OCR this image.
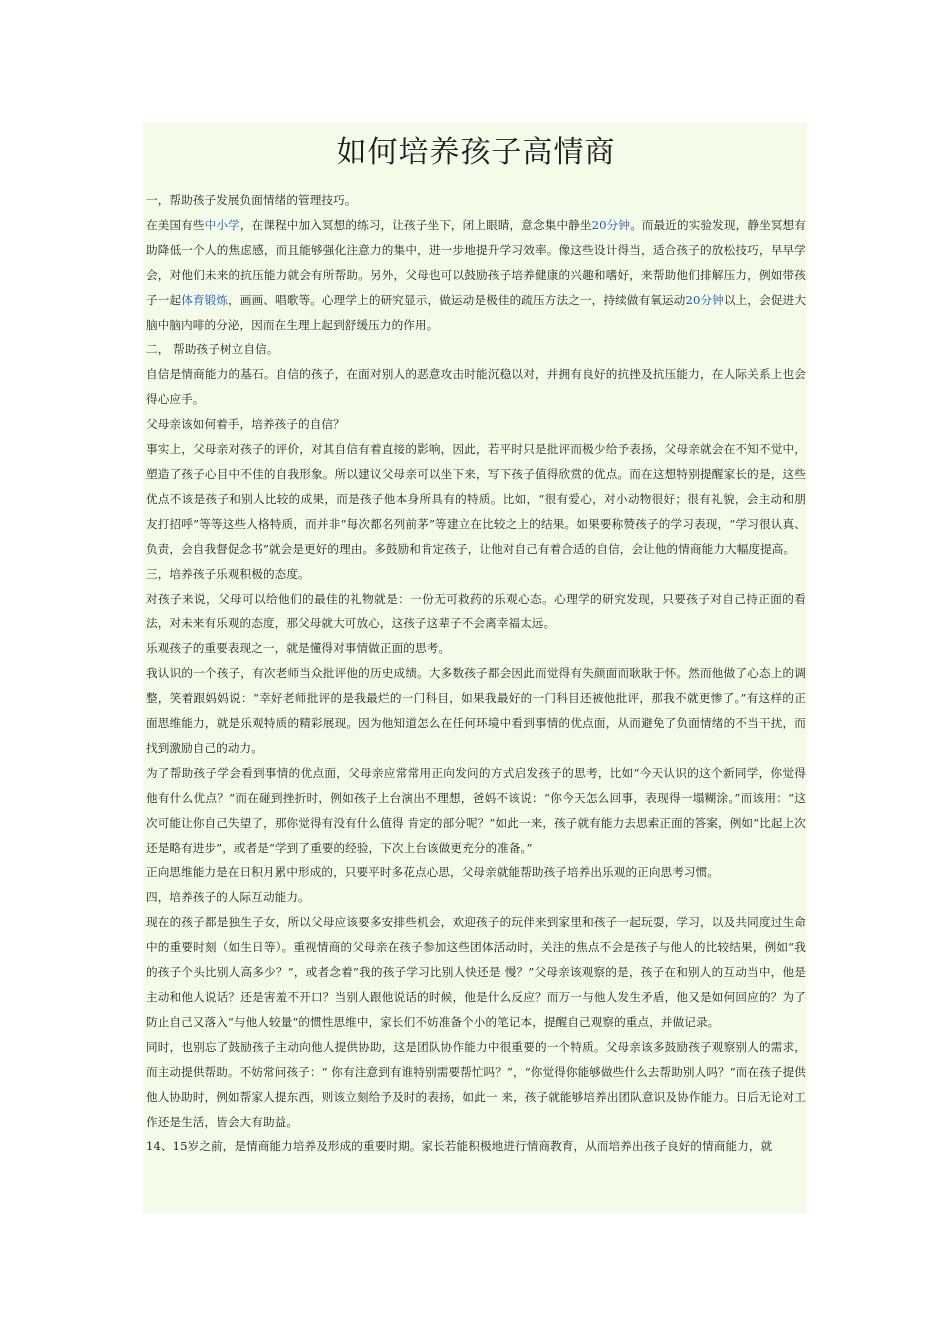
如何培养孩子高情商

一，帮助孩子发展负面情绪的管理技巧。

在美国有些中小学，在课程中加入冥想的练习，让孩子坐下，闭上眼睛，意念集中静坐20分钟。而最近的实验发现，静坐冥想有助降低一个人的焦虑感，而且能够强化注意力的集中，进一步地提升学习效率。像这些设计得当，适合孩子的放松技巧，早早学会，对他们未来的抗压能力就会有所帮助。另外，父母也可以鼓励孩子培养健康的兴趣和嗜好，来帮助他们排解压力，例如带孩子一起体育锻炼，画画、唱歌等。心理学上的研究显示，做运动是极佳的疏压方法之一，持续做有氧运动20分钟以上，会促进大脑中脑内啡的分泌，因而在生理上起到舒缓压力的作用。

二， 帮助孩子树立自信。

自信是情商能力的基石。自信的孩子，在面对别人的恶意攻击时能沉稳以对，并拥有良好的抗挫及抗压能力，在人际关系上也会得心应手。

父母亲该如何着手，培养孩子的自信？

事实上，父母亲对孩子的评价，对其自信有着直接的影响，因此，若平时只是批评而极少给予表扬，父母亲就会在不知不觉中，塑造了孩子心目中不佳的自我形象。所以建议父母亲可以坐下来，写下孩子值得欣赏的优点。而在这想特别提醒家长的是，这些优点不该是孩子和别人比较的成果，而是孩子他本身所具有的特质。比如，“很有爱心，对小动物很好；很有礼貌，会主动和朋友打招呼”等等这些人格特质，而并非“每次都名列前茅”等建立在比较之上的结果。如果要称赞孩子的学习表现，“学习很认真、负责，会自我督促念书”就会是更好的理由。多鼓励和肯定孩子，让他对自己有着合适的自信，会让他的情商能力大幅度提高。

三，培养孩子乐观积极的态度。

对孩子来说，父母可以给他们的最佳的礼物就是：一份无可救药的乐观心态。心理学的研究发现，只要孩子对自己持正面的看法，对未来有乐观的态度，那父母就大可放心，这孩子这辈子不会离幸福太远。

乐观孩子的重要表现之一，就是懂得对事情做正面的思考。

我认识的一个孩子，有次老师当众批评他的历史成绩。大多数孩子都会因此而觉得有失颜面而耿耿于怀。然而他做了心态上的调整，笑着跟妈妈说：“幸好老师批评的是我最烂的一门科目，如果我最好的一门科目还被他批评，那我不就更惨了。”有这样的正面思维能力，就是乐观特质的精彩展现。因为他知道怎么在任何环境中看到事情的优点面，从而避免了负面情绪的不当干扰，而找到激励自己的动力。

为了帮助孩子学会看到事情的优点面，父母亲应常常用正向发问的方式启发孩子的思考，比如“今天认识的这个新同学，你觉得他有什么优点？”而在碰到挫折时，例如孩子上台演出不理想，爸妈不该说：“你今天怎么回事，表现得一塌糊涂。”而该用：“这次可能让你自己失望了，那你觉得有没有什么值得 肯定的部分呢？”如此一来，孩子就有能力去思索正面的答案，例如“比起上次还是略有进步”，或者是“学到了重要的经验，下次上台该做更充分的准备。”

正向思维能力是在日积月累中形成的，只要平时多花点心思，父母亲就能帮助孩子培养出乐观的正向思考习惯。

四，培养孩子的人际互动能力。

现在的孩子都是独生子女，所以父母应该要多安排些机会，欢迎孩子的玩伴来到家里和孩子一起玩耍，学习，以及共同度过生命中的重要时刻（如生日等）。重视情商的父母亲在孩子参加这些团体活动时，关注的焦点不会是孩子与他人的比较结果，例如“我的孩子个头比别人高多少？”，或者念着“我的孩子学习比别人快还是 慢？”父母亲该观察的是，孩子在和别人的互动当中，他是主动和他人说话？还是害羞不开口？当别人跟他说话的时候，他是什么反应？而万一与他人发生矛盾，他又是如何回应的？为了防止自己又落入“与他人较量“的惯性思维中，家长们不妨准备个小的笔记本，提醒自己观察的重点，并做记录。

同时，也别忘了鼓励孩子主动向他人提供协助，这是团队协作能力中很重要的一个特质。父母亲该多鼓励孩子观察别人的需求，而主动提供帮助。不妨常问孩子：“ 你有注意到有谁特别需要帮忙吗？”，“你觉得你能够做些什么去帮助别人吗？”而在孩子提供他人协助时，例如帮家人提东西，则该立刻给予及时的表扬，如此一 来，孩子就能够培养出团队意识及协作能力。日后无论对工作还是生活，皆会大有助益。

14、15岁之前，是情商能力培养及形成的重要时期。家长若能积极地进行情商教育，从而培养出孩子良好的情商能力，就
